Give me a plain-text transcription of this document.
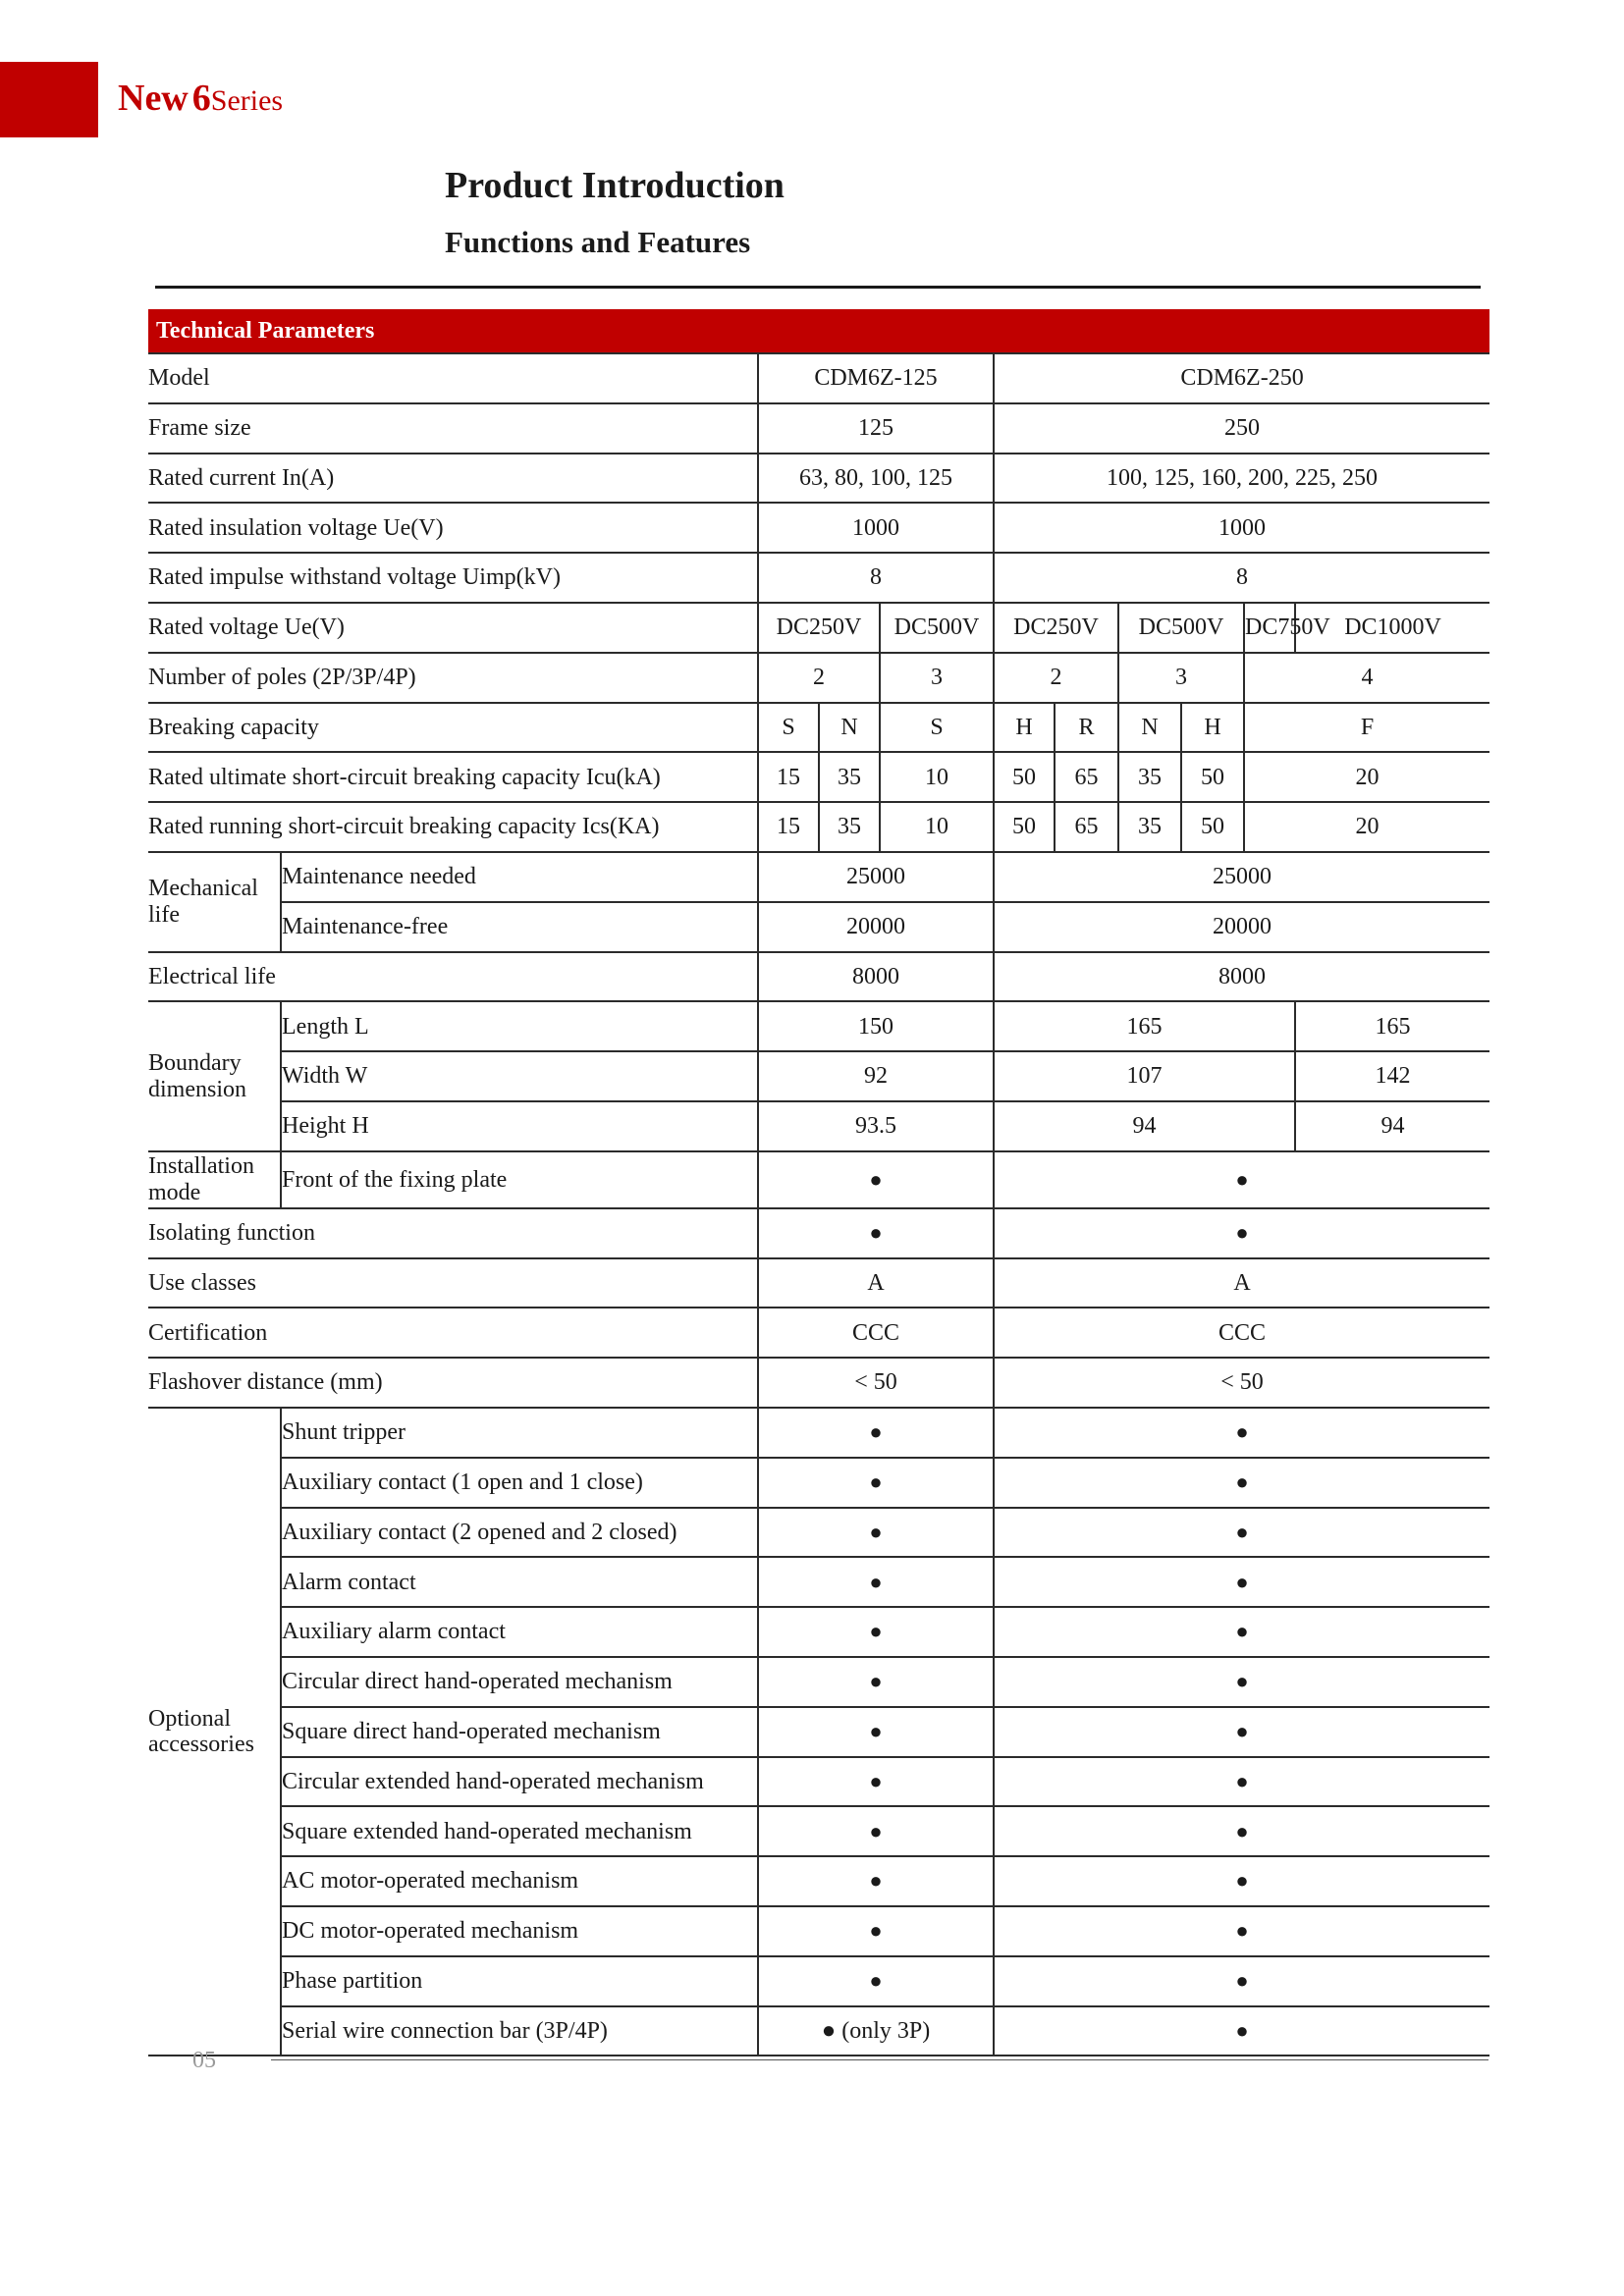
New 6Series
Product Introduction
Functions and Features
Technical Parameters										
Model		CDM6Z-125			CDM6Z-250					
Frame size		125			250					
Rated current In(A)		63, 80, 100, 125			100, 125, 160, 200, 225, 250					
Rated insulation voltage Ue(V)		1000			1000					
Rated impulse withstand voltage Uimp(kV)		8			8					
Rated voltage Ue(V)		DC250V		DC500V	DC250V		DC500V		DC750V	DC1000V
Number of poles (2P/3P/4P)		2		3	2		3		4	
Breaking capacity		S	N	S	H	R	N	H	F	
Rated ultimate short-circuit breaking capacity Icu(kA)		15	35	10	50	65	35	50	20	
Rated running short-circuit breaking capacity Ics(KA)		15	35	10	50	65	35	50	20	
Mechanical life	Maintenance needed	25000			25000					
	Maintenance-free	20000			20000					
Electrical life		8000			8000					
Boundary dimension	Length L	150			165					165
	Width W	92			107					142
	Height H	93.5			94					94
Installation mode	Front of the fixing plate	●			●					
Isolating function		●			●					
Use classes		A			A					
Certification		CCC			CCC					
Flashover distance (mm)		< 50			< 50					
Optional accessories	Shunt tripper	●			●					
	Auxiliary contact (1 open and 1 close)	●			●					
	Auxiliary contact (2 opened and 2 closed)	●			●					
	Alarm contact	●			●					
	Auxiliary alarm contact	●			●					
	Circular direct hand-operated mechanism	●			●					
	Square direct hand-operated mechanism	●			●					
	Circular extended hand-operated mechanism	●			●					
	Square extended hand-operated mechanism	●			●					
	AC motor-operated mechanism	●			●					
	DC motor-operated mechanism	●			●					
	Phase partition	●			●					
	Serial wire connection bar (3P/4P)	● (only 3P)			●					
05
